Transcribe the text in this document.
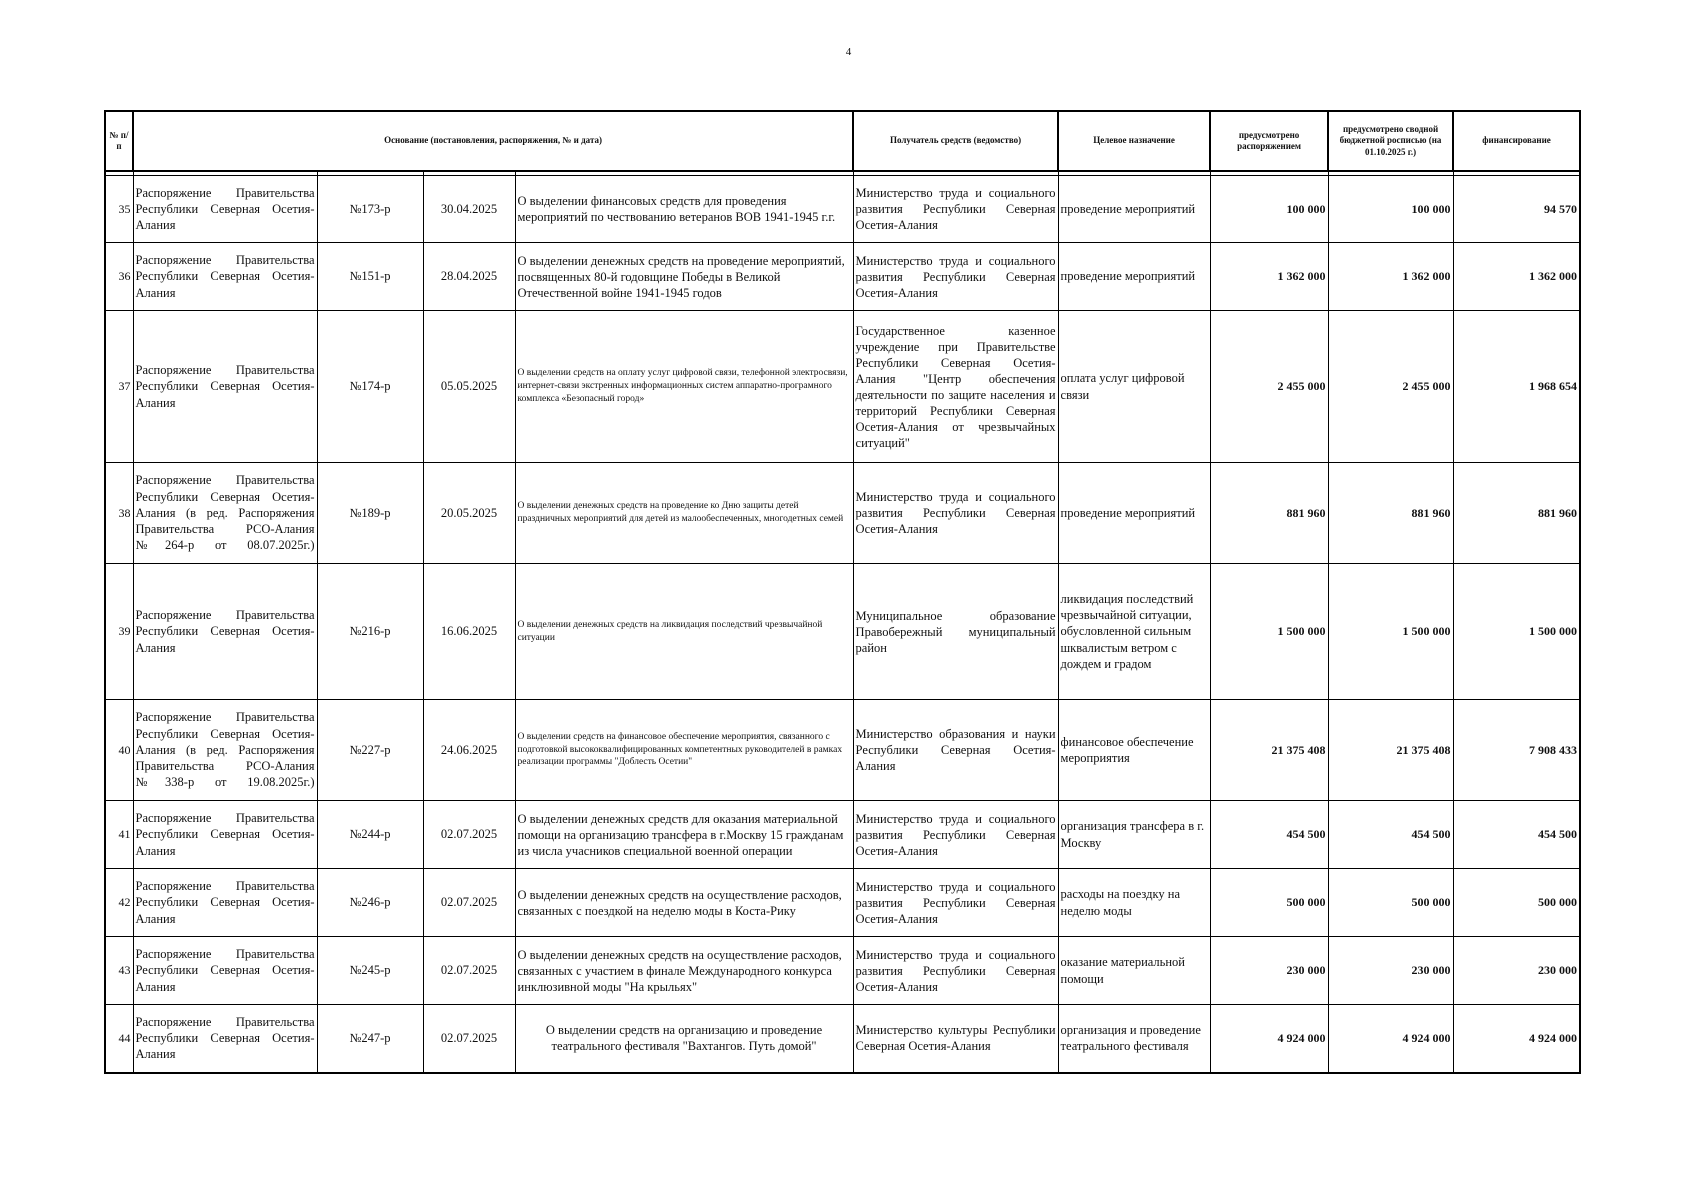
4
№ п/п	Основание (постановления, распоряжения, № и дата)				Получатель средств (ведомство)	Целевое назначение	предусмотрено распоряжением	предусмотрено сводной бюджетной росписью (на 01.10.2025 г.)	финансирование

35	Распоряжение Правительства Республики Северная Осетия-Алания	№173-р	30.04.2025	О выделении финансовых средств для проведения мероприятий по чествованию ветеранов ВОВ 1941-1945 г.г.	Министерство труда и социального развития Республики Северная Осетия-Алания	проведение мероприятий	100 000	100 000	94 570
36	Распоряжение Правительства Республики Северная Осетия-Алания	№151-р	28.04.2025	О выделении денежных средств на проведение мероприятий, посвященных 80-й годовщине Победы в Великой Отечественной войне 1941-1945 годов	Министерство труда и социального развития Республики Северная Осетия-Алания	проведение мероприятий	1 362 000	1 362 000	1 362 000
37	Распоряжение Правительства Республики Северная Осетия-Алания	№174-р	05.05.2025	О выделении средств на оплату услуг цифровой связи, телефонной электросвязи, интернет-связи экстренных информационных систем аппаратно-програмного комплекса «Безопасный город»	Государственное казенное учреждение при Правительстве Республики Северная Осетия-Алания "Центр обеспечения деятельности по защите населения и территорий Республики Северная Осетия-Алания от чрезвычайных ситуаций"	оплата услуг цифровой связи	2 455 000	2 455 000	1 968 654
38	Распоряжение Правительства Республики Северная Осетия-Алания (в ред. Распоряжения Правительства РСО-Алания №264-р от 08.07.2025г.)	№189-р	20.05.2025	О выделении денежных средств на проведение ко Дню защиты детей праздничных мероприятий для детей из малообеспеченных, многодетных семей	Министерство труда и социального развития Республики Северная Осетия-Алания	проведение мероприятий	881 960	881 960	881 960
39	Распоряжение Правительства Республики Северная Осетия-Алания	№216-р	16.06.2025	О выделении денежных средств на ликвидация последствий чрезвычайной ситуации	Муниципальное образование Правобережный муниципальный район	ликвидация последствий чрезвычайной ситуации, обусловленной сильным шквалистым ветром с дождем и градом	1 500 000	1 500 000	1 500 000
40	Распоряжение Правительства Республики Северная Осетия-Алания (в ред. Распоряжения Правительства РСО-Алания №338-р от 19.08.2025г.)	№227-р	24.06.2025	О выделении средств на финансовое обеспечение мероприятия, связанного с подготовкой высококвалифицированных компетентных руководителей в рамках реализации программы "Доблесть Осетии"	Министерство образования и науки Республики Северная Осетия-Алания	финансовое обеспечение мероприятия	21 375 408	21 375 408	7 908 433
41	Распоряжение Правительства Республики Северная Осетия-Алания	№244-р	02.07.2025	О выделении денежных средств для оказания материальной помощи на организацию трансфера в г.Москву 15 гражданам из числа учасников специальной военной операции	Министерство труда и социального развития Республики Северная Осетия-Алания	организация трансфера в г. Москву	454 500	454 500	454 500
42	Распоряжение Правительства Республики Северная Осетия-Алания	№246-р	02.07.2025	О выделении денежных средств на осуществление расходов, связанных с поездкой на неделю моды в Коста-Рику	Министерство труда и социального развития Республики Северная Осетия-Алания	расходы на поездку на неделю моды	500 000	500 000	500 000
43	Распоряжение Правительства Республики Северная Осетия-Алания	№245-р	02.07.2025	О выделении денежных средств на осуществление расходов, связанных с участием в финале Международного конкурса инклюзивной моды "На крыльях"	Министерство труда и социального развития Республики Северная Осетия-Алания	оказание материальной помощи	230 000	230 000	230 000
44	Распоряжение Правительства Республики Северная Осетия-Алания	№247-р	02.07.2025	О выделении средств на организацию и проведение театрального фестиваля "Вахтангов. Путь домой"	Министерство культуры Республики Северная Осетия-Алания	организация и проведение театрального фестиваля	4 924 000	4 924 000	4 924 000
